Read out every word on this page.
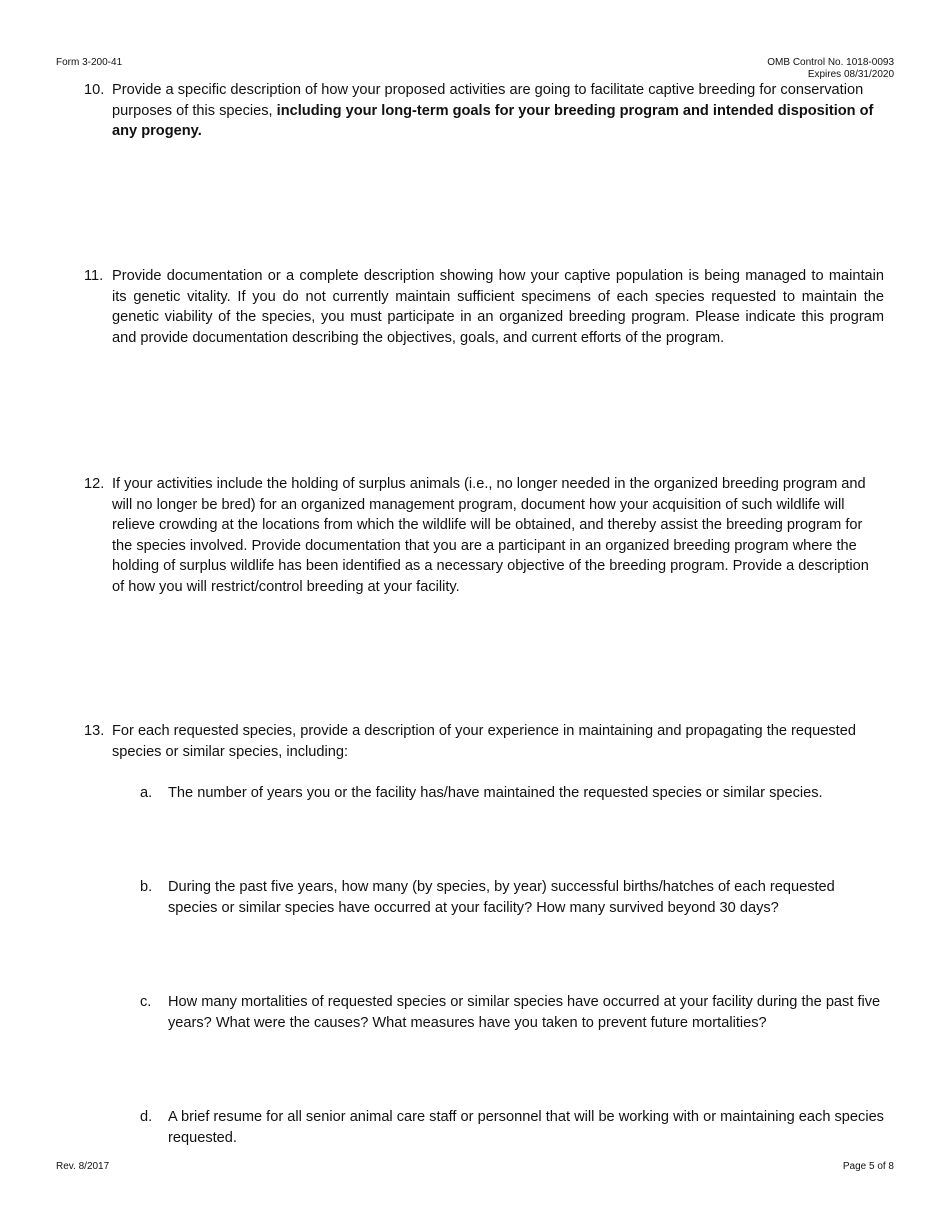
Form 3-200-41	OMB Control No. 1018-0093
Expires 08/31/2020
10. Provide a specific description of how your proposed activities are going to facilitate captive breeding for conservation purposes of this species, including your long-term goals for your breeding program and intended disposition of any progeny.
11. Provide documentation or a complete description showing how your captive population is being managed to maintain its genetic vitality. If you do not currently maintain sufficient specimens of each species requested to maintain the genetic viability of the species, you must participate in an organized breeding program. Please indicate this program and provide documentation describing the objectives, goals, and current efforts of the program.
12. If your activities include the holding of surplus animals (i.e., no longer needed in the organized breeding program and will no longer be bred) for an organized management program, document how your acquisition of such wildlife will relieve crowding at the locations from which the wildlife will be obtained, and thereby assist the breeding program for the species involved. Provide documentation that you are a participant in an organized breeding program where the holding of surplus wildlife has been identified as a necessary objective of the breeding program. Provide a description of how you will restrict/control breeding at your facility.
13. For each requested species, provide a description of your experience in maintaining and propagating the requested species or similar species, including:
a.	The number of years you or the facility has/have maintained the requested species or similar species.
b.	During the past five years, how many (by species, by year) successful births/hatches of each requested species or similar species have occurred at your facility? How many survived beyond 30 days?
c.	How many mortalities of requested species or similar species have occurred at your facility during the past five years? What were the causes? What measures have you taken to prevent future mortalities?
d.	A brief resume for all senior animal care staff or personnel that will be working with or maintaining each species requested.
Rev. 8/2017	Page 5 of 8
